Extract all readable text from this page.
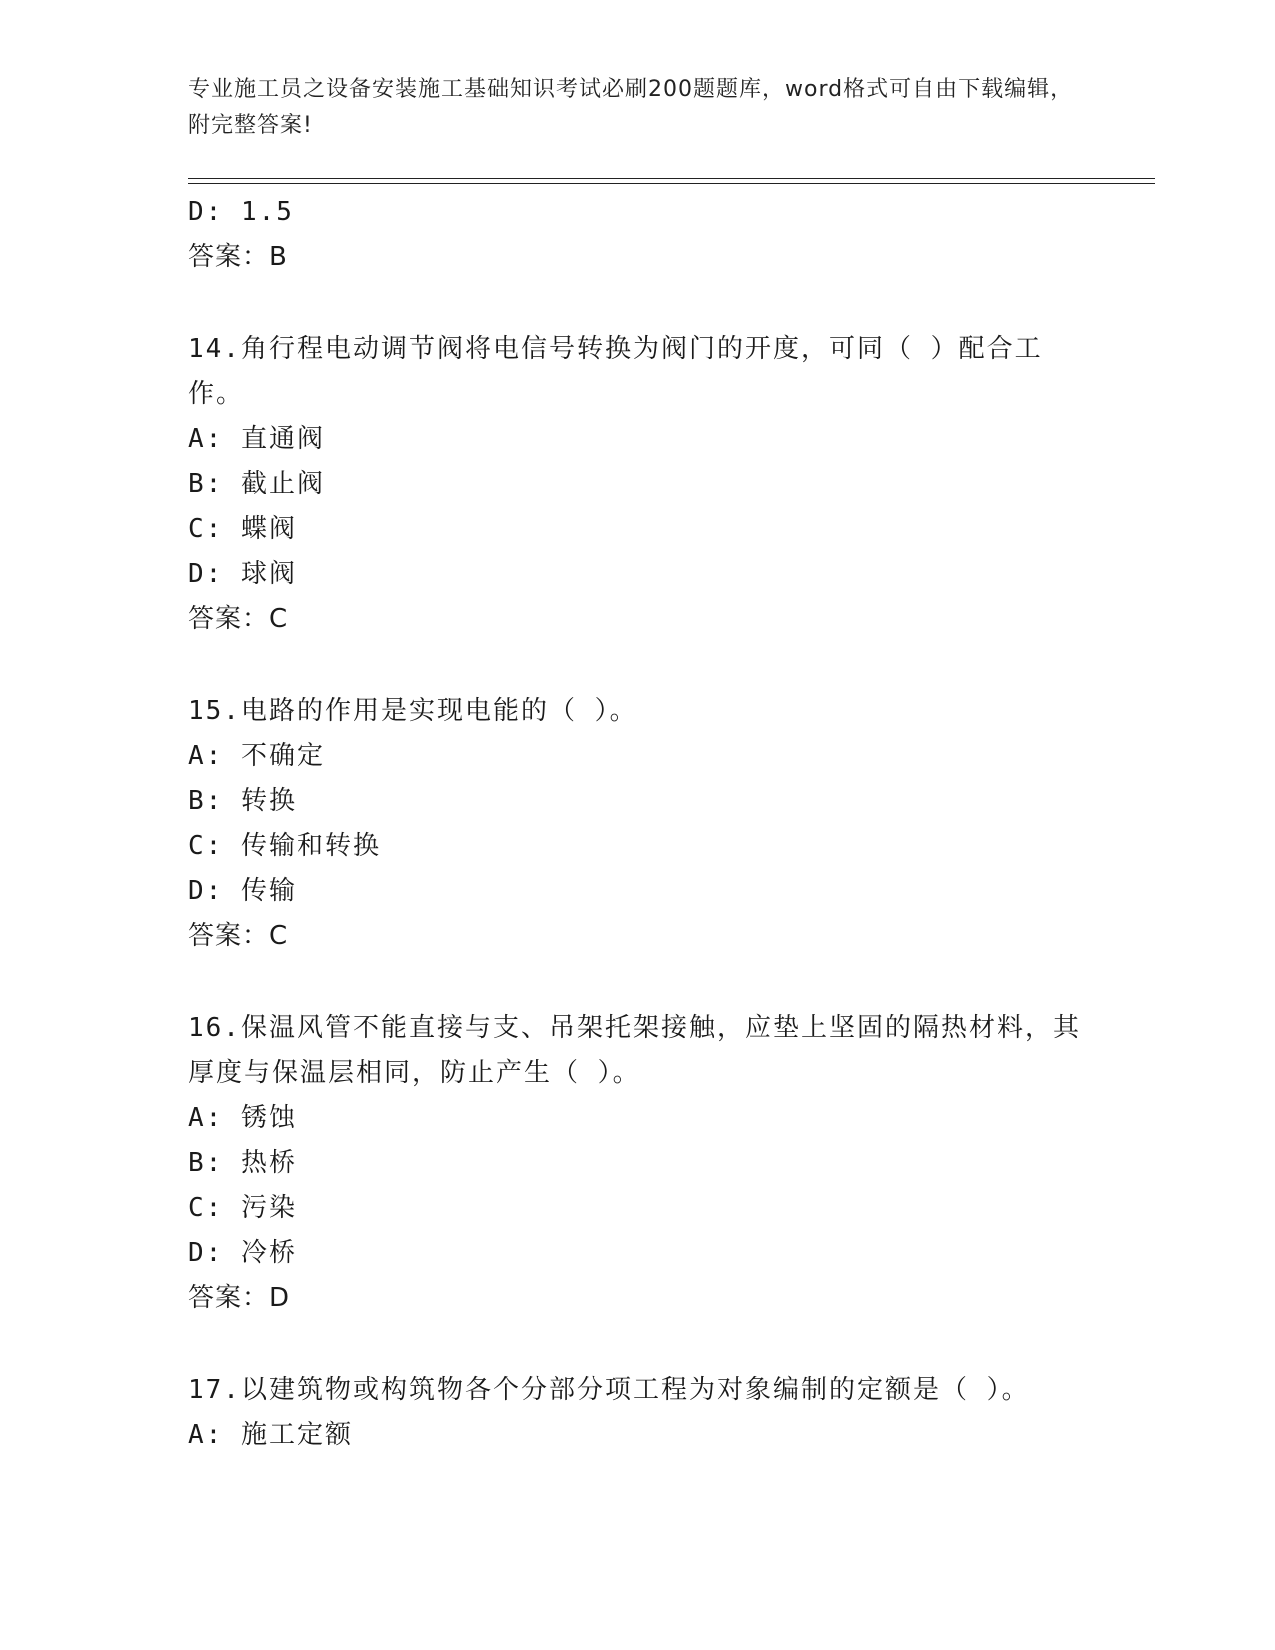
专业施工员之设备安装施工基础知识考试必刷200题题库，word格式可自由下载编辑，附完整答案!
D: 1.5
答案：B
14.角行程电动调节阀将电信号转换为阀门的开度，可同（ ）配合工作。
A: 直通阀
B: 截止阀
C: 蝶阀
D: 球阀
答案：C
15.电路的作用是实现电能的（ ）。
A: 不确定
B: 转换
C: 传输和转换
D: 传输
答案：C
16.保温风管不能直接与支、吊架托架接触，应垫上坚固的隔热材料，其厚度与保温层相同，防止产生（ ）。
A: 锈蚀
B: 热桥
C: 污染
D: 冷桥
答案：D
17.以建筑物或构筑物各个分部分项工程为对象编制的定额是（ ）。
A: 施工定额
